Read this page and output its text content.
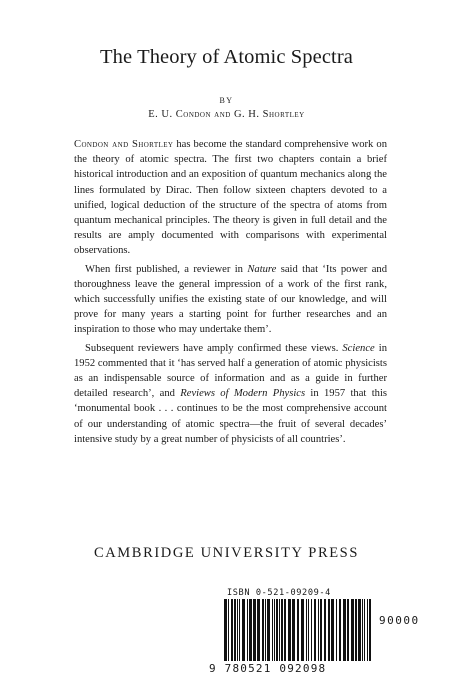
The Theory of Atomic Spectra
BY
E. U. Condon and G. H. Shortley

Condon and Shortley has become the standard comprehensive work on the theory of atomic spectra. The first two chapters contain a brief historical introduction and an exposition of quantum mechanics along the lines formulated by Dirac. Then follow sixteen chapters devoted to a unified, logical deduction of the structure of the spectra of atoms from quantum mechanical principles. The theory is given in full detail and the results are amply documented with comparisons with experimental observations.

When first published, a reviewer in Nature said that ‘Its power and thoroughness leave the general impression of a work of the first rank, which successfully unifies the existing state of our knowledge, and will prove for many years a starting point for further researches and an inspiration to those who may undertake them’.

Subsequent reviewers have amply confirmed these views. Science in 1952 commented that it ‘has served half a generation of atomic physicists as an indispensable source of information and as a guide in further detailed research’, and Reviews of Modern Physics in 1957 that this ‘monumental book . . . continues to be the most comprehensive account of our understanding of atomic spectra—the fruit of several decades’ intensive study by a great number of physicists of all countries’.

CAMBRIDGE UNIVERSITY PRESS
ISBN 0-521-09209-4
90000
9 780521 092098
